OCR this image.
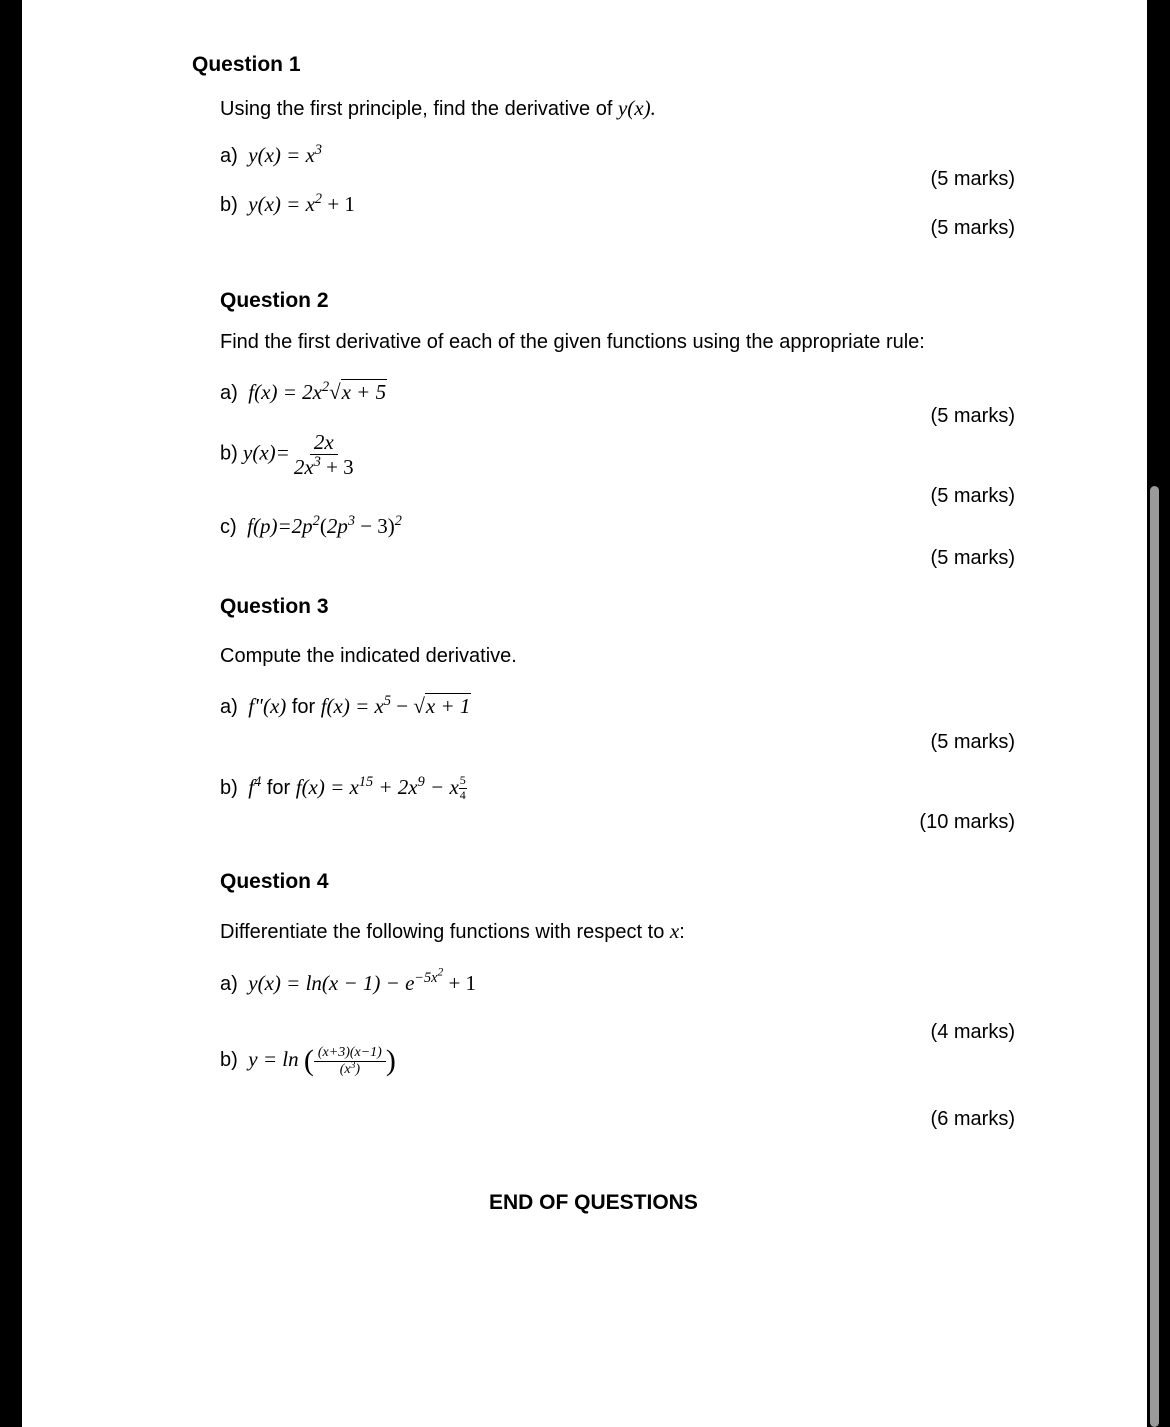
Question 1
Using the first principle, find the derivative of y(x).
a) $y(x) = x^3$
(5 marks)
b) $y(x) = x^2 + 1$
(5 marks)
Question 2
Find the first derivative of each of the given functions using the appropriate rule:
a) $f(x) = 2x^2√x + 5$
(5 marks)
b) $y(x)= \frac{2x}{2x^3 + 3}$
(5 marks)
c) $f(p)=2p^2(2p^3 - 3)^2$
(5 marks)
Question 3
Compute the indicated derivative.
a) f"(x) for $f(x) = x^5 - √x + 1$
(5 marks)
b) $f^4$ for $f(x) = x^{15} + 2x^9 - x$ $^{\frac{5}{4}}$
(10 marks)
Question 4
Differentiate the following functions with respect to x:
a) $y(x) = \ln(x - 1) - e^{-5x^2} + 1$
(4 marks)
b) y = ln ( $\frac{(x+3)(x-1)}{(x^3)}$ )
(6 marks)
END OF QUESTIONS
